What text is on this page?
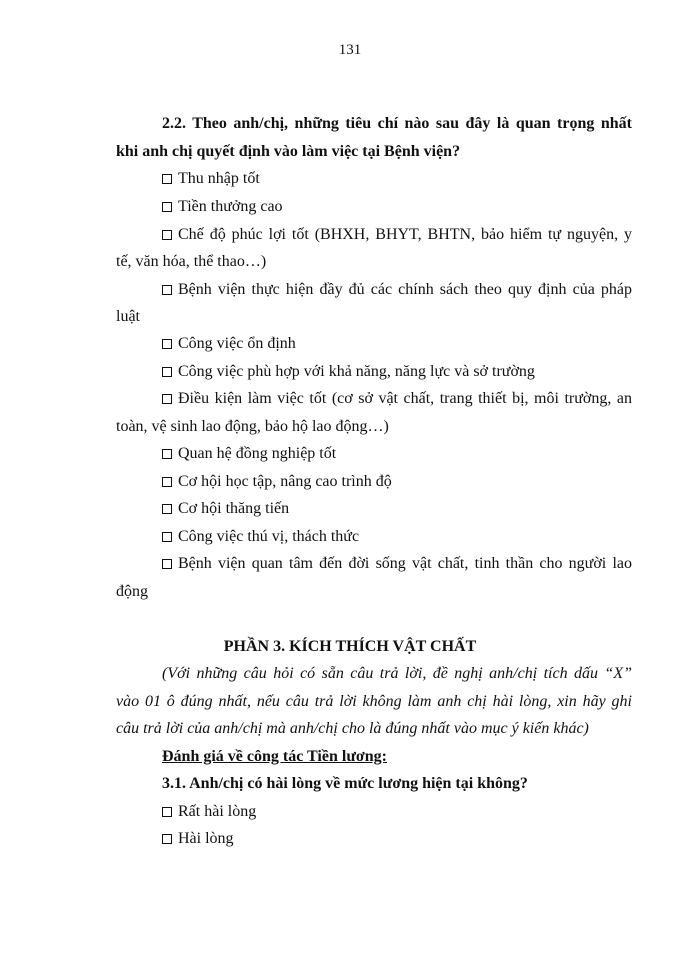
131
2.2. Theo anh/chị, những tiêu chí nào sau đây là quan trọng nhất
khi anh chị quyết định vào làm việc tại Bệnh viện?
Thu nhập tốt
Tiền thưởng cao
Chế độ phúc lợi tốt (BHXH, BHYT, BHTN, bảo hiểm tự nguyện, y
tế, văn hóa, thể thao…)
Bệnh viện thực hiện đầy đủ các chính sách theo quy định của pháp
luật
Công việc ổn định
Công việc phù hợp với khả năng, năng lực và sở trường
Điều kiện làm việc tốt (cơ sở vật chất, trang thiết bị, môi trường, an
toàn, vệ sinh lao động, bảo hộ lao động…)
Quan hệ đồng nghiệp tốt
Cơ hội học tập, nâng cao trình độ
Cơ hội thăng tiến
Công việc thú vị, thách thức
Bệnh viện quan tâm đến đời sống vật chất, tinh thần cho người lao
động
PHẦN 3. KÍCH THÍCH VẬT CHẤT
(Với những câu hỏi có sẵn câu trả lời, đề nghị anh/chị tích dấu “X”
vào 01 ô đúng nhất, nếu câu trả lời không làm anh chị hài lòng, xin hãy ghi
câu trả lời của anh/chị mà anh/chị cho là đúng nhất vào mục ý kiến khác)
Đánh giá về công tác Tiền lương:
3.1. Anh/chị có hài lòng về mức lương hiện tại không?
Rất hài lòng
Hài lòng
